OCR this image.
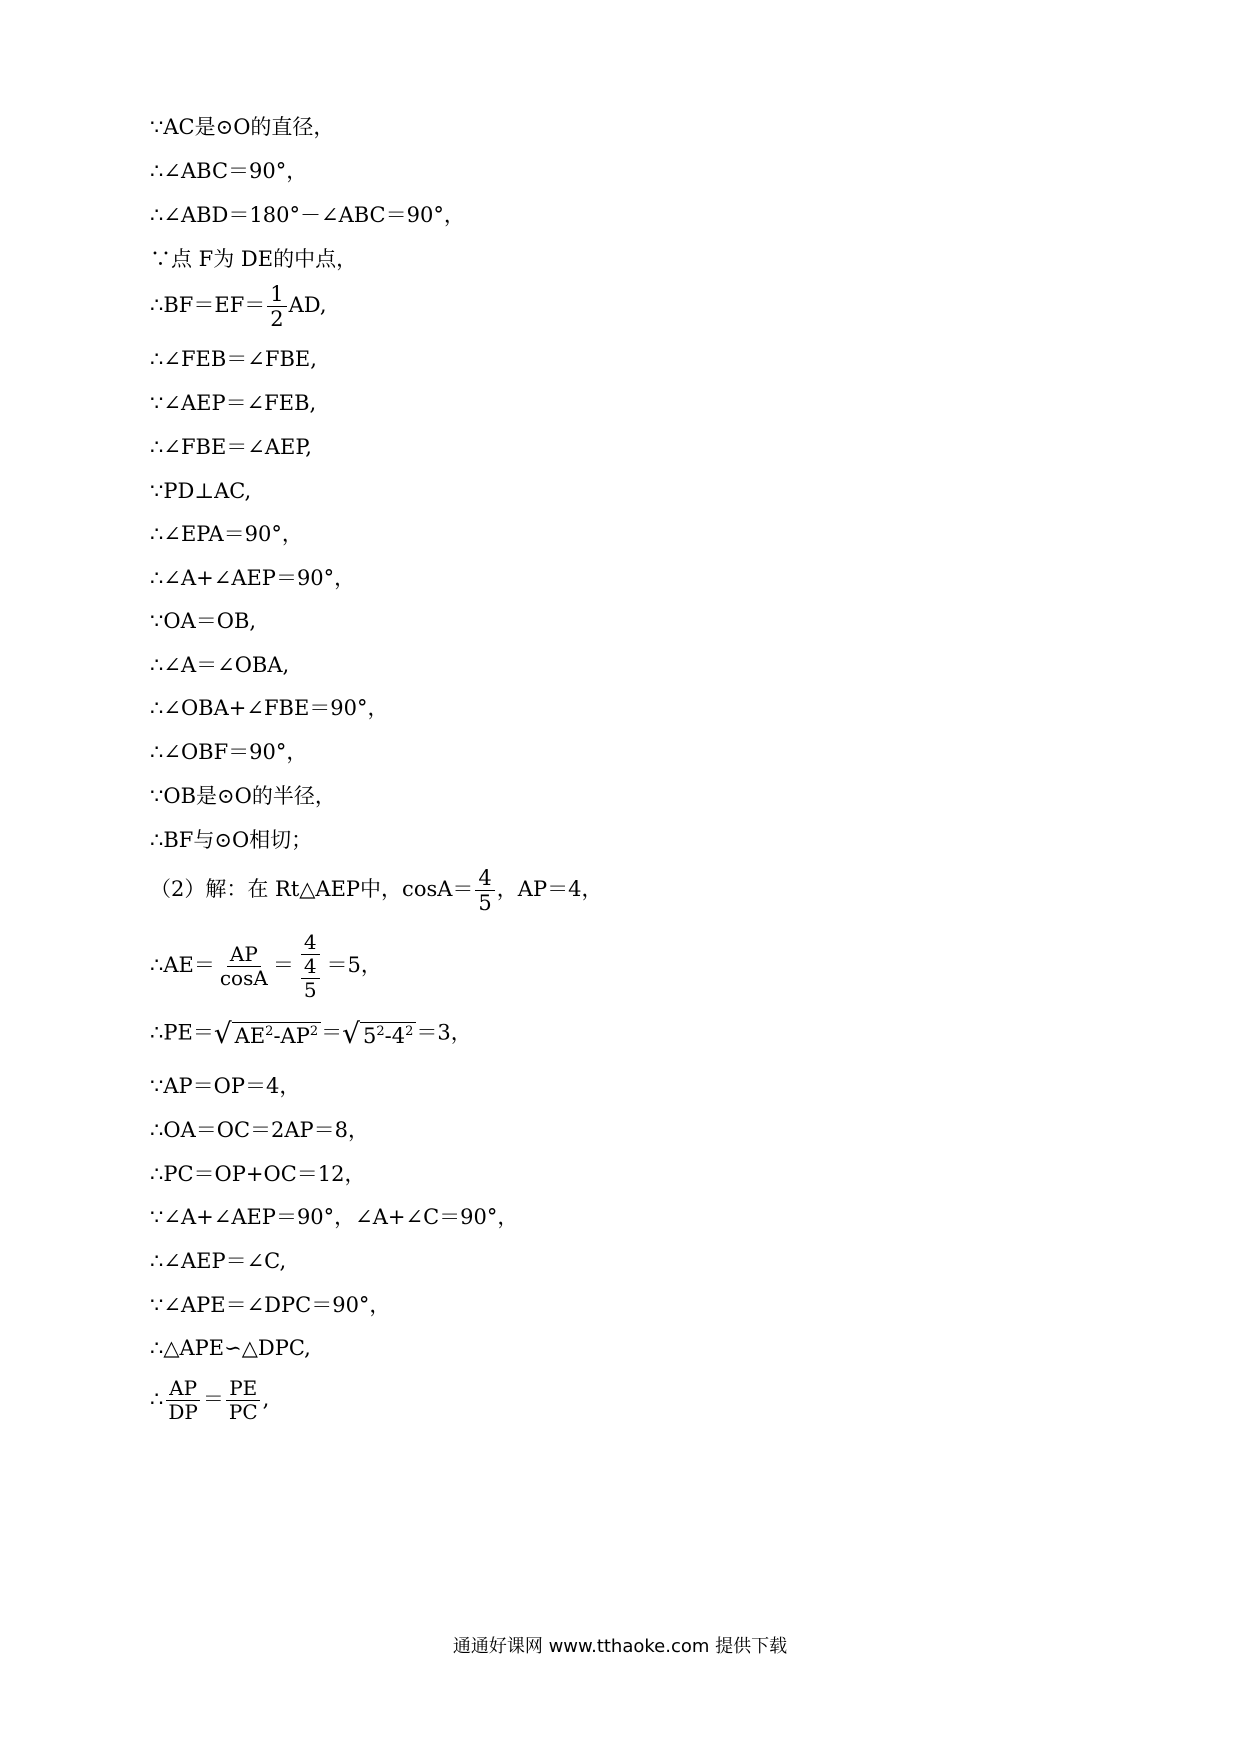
∵AC是⊙O的直径，
∴∠ABC＝90°，
∴∠ABD＝180°－∠ABC＝90°，
∵点 F为 DE的中点，
∴BF＝EF＝ $\frac{1}{2}$ AD,
∴∠FEB＝∠FBE,
∵∠AEP＝∠FEB,
∴∠FBE＝∠AEP,
∵PD⊥AC,
∴∠EPA＝90°，
∴∠A+∠AEP＝90°，
∵OA＝OB,
∴∠A＝∠OBA,
∴∠OBA+∠FBE＝90°，
∴∠OBF＝90°，
∵OB是⊙O的半径，
∴BF与⊙O相切；
（2）解：在 Rt△AEP中，$\cos A= \frac{4}{5}$ ，AP＝4，
∴AE＝ $\frac{AP}{\cos A} = \frac{4}{\frac{4}{5}} =5$，
∴PE＝√ $AE^2-AP^2$ ＝√ $5^2-4^2 =3$，
∵AP＝OP＝4，
∴OA＝OC＝2AP＝8，
∴PC＝OP+OC＝12，
∵∠A+∠AEP＝90°，∠A+∠C＝90°，
∴∠AEP＝∠C,
∵∠APE＝∠DPC＝90°，
∴△APE∽△DPC,
∴ $\frac{AP}{DP} = \frac{PE}{PC}$ ,
通通好课网 www.tthaoke.com 提供下载
